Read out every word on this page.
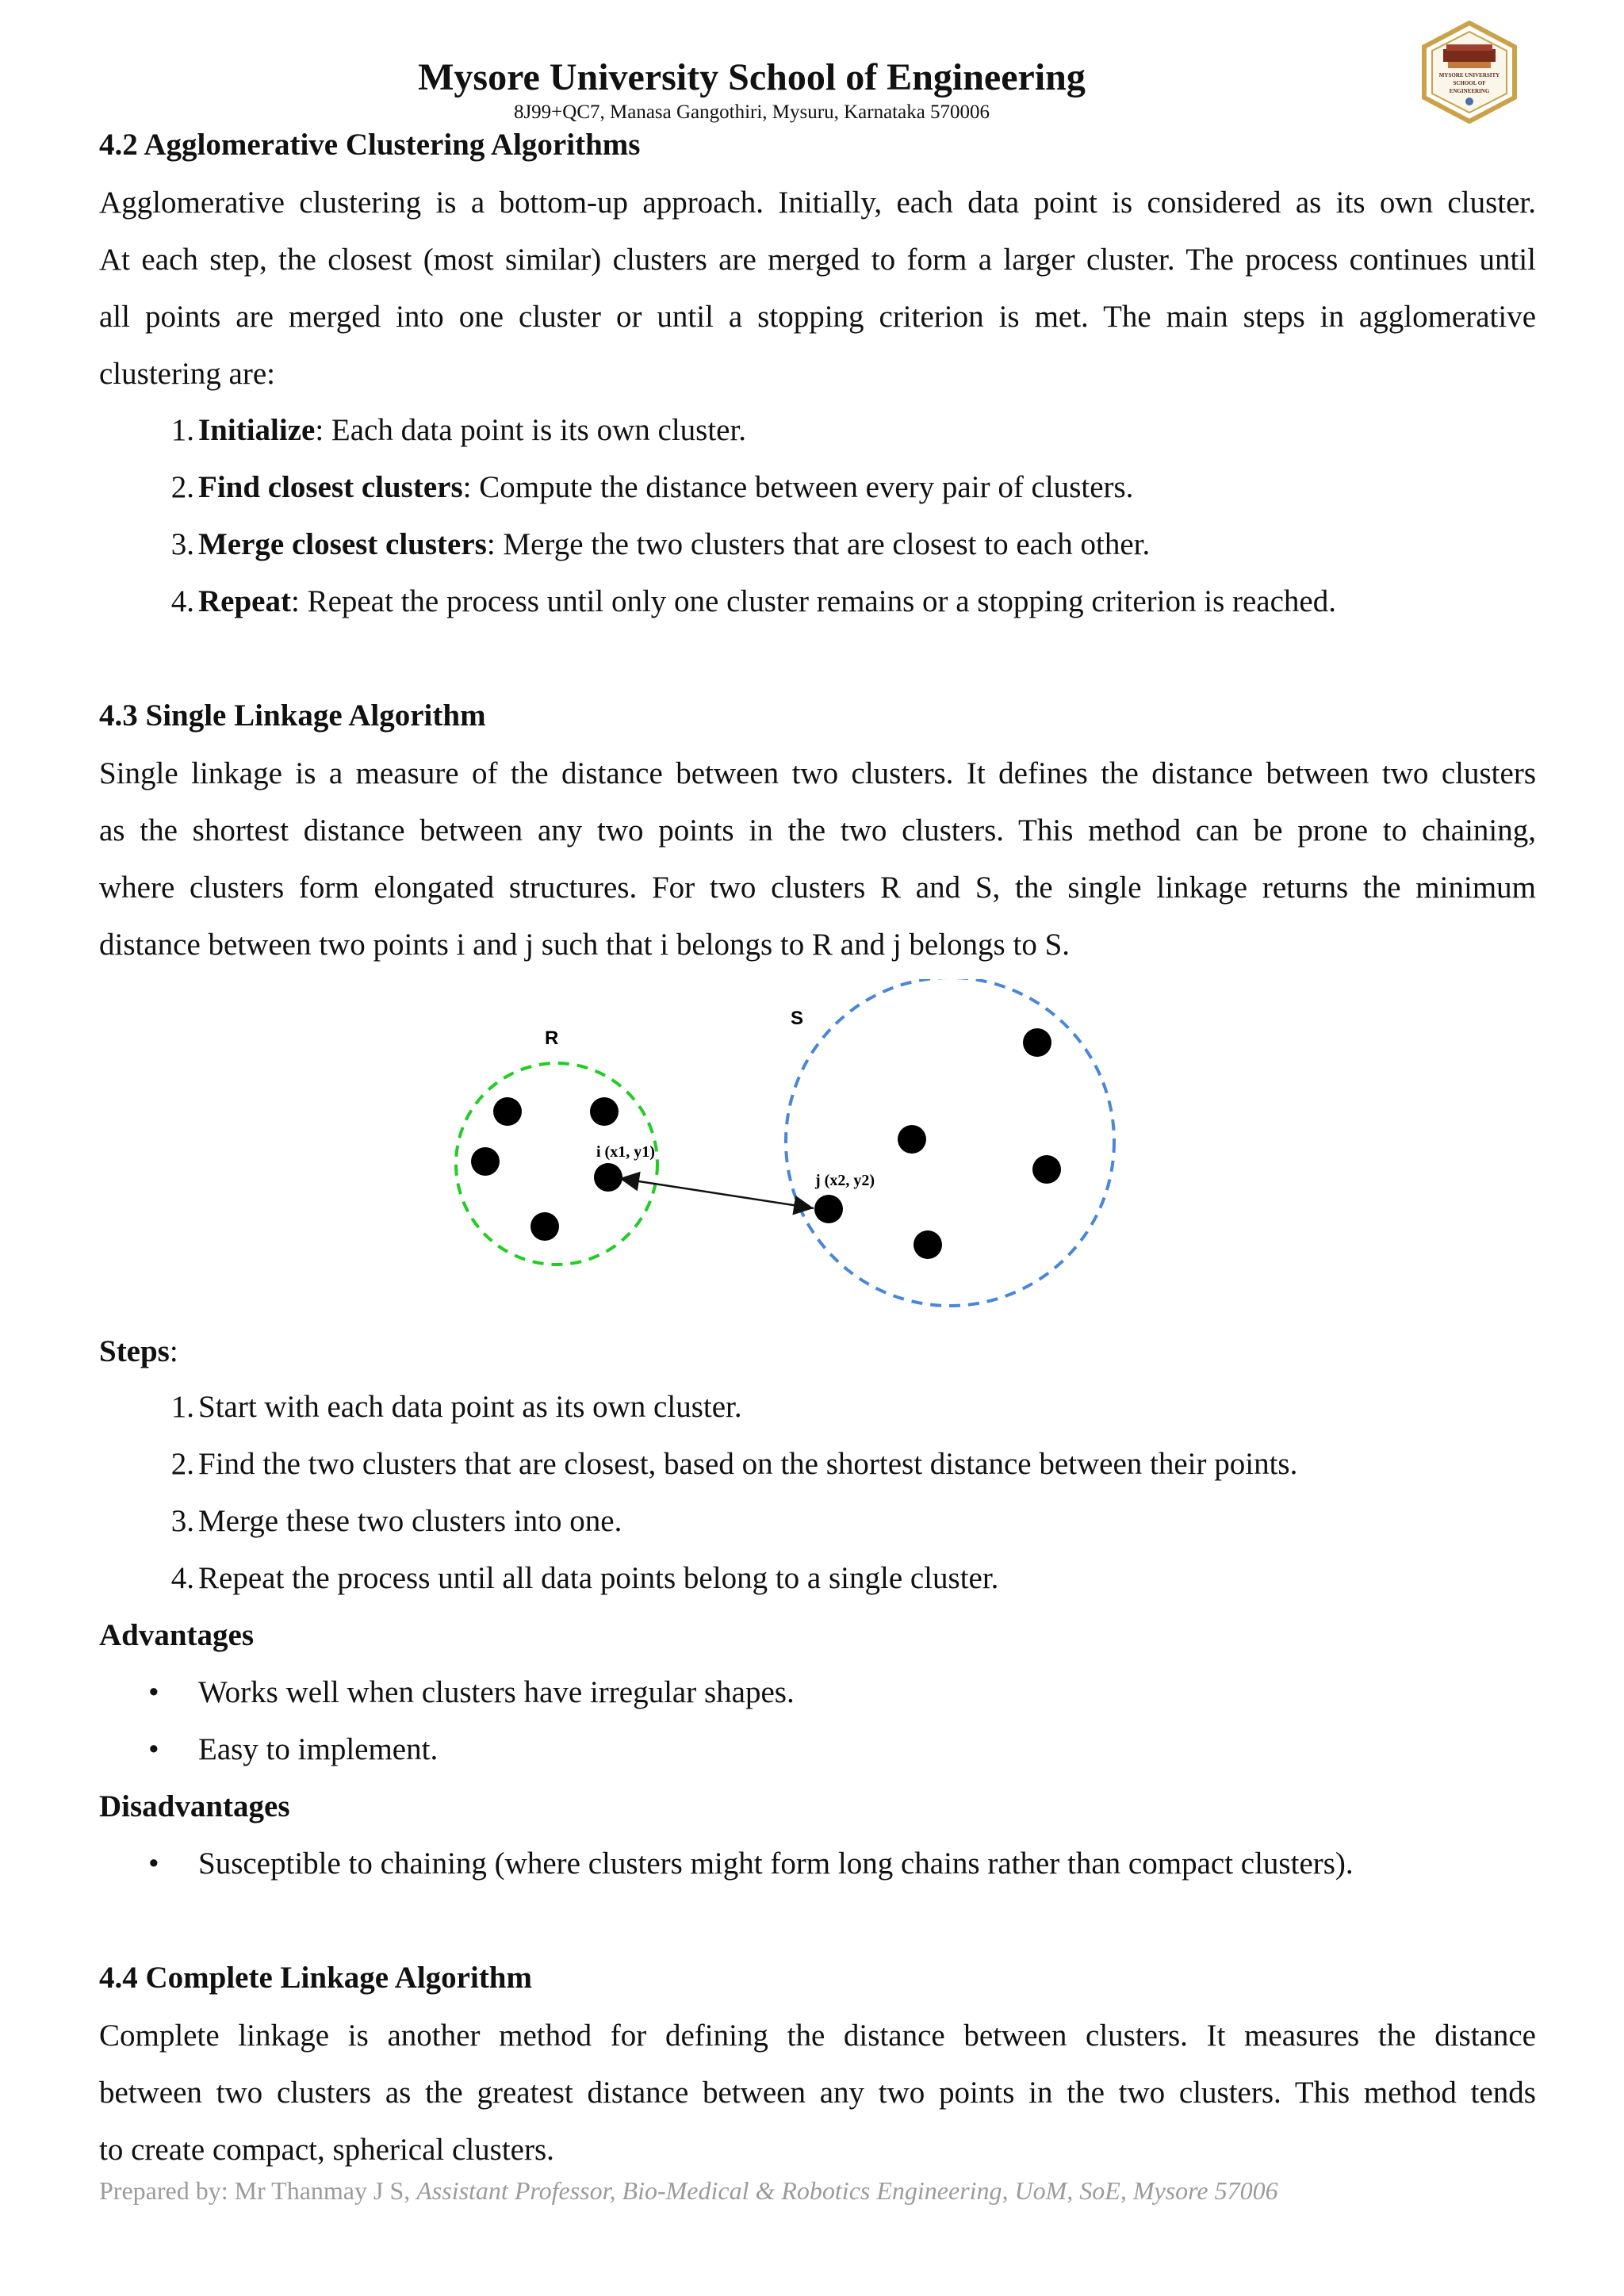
Mysore University School of Engineering
8J99+QC7, Manasa Gangothiri, Mysuru, Karnataka 570006
MYSORE UNIVERSITY
SCHOOL OF
ENGINEERING
4.2 Agglomerative Clustering Algorithms
Agglomerative clustering is a bottom-up approach. Initially, each data point is considered as its own cluster.
At each step, the closest (most similar) clusters are merged to form a larger cluster. The process continues until
all points are merged into one cluster or until a stopping criterion is met. The main steps in agglomerative
clustering are:
1. Initialize: Each data point is its own cluster.
2. Find closest clusters: Compute the distance between every pair of clusters.
3. Merge closest clusters: Merge the two clusters that are closest to each other.
4. Repeat: Repeat the process until only one cluster remains or a stopping criterion is reached.
4.3 Single Linkage Algorithm
Single linkage is a measure of the distance between two clusters. It defines the distance between two clusters
as the shortest distance between any two points in the two clusters. This method can be prone to chaining,
where clusters form elongated structures. For two clusters R and S, the single linkage returns the minimum
distance between two points i and j such that i belongs to R and j belongs to S.
R
S
i (x1, y1)
j (x2, y2)
Steps:
1. Start with each data point as its own cluster.
2. Find the two clusters that are closest, based on the shortest distance between their points.
3. Merge these two clusters into one.
4. Repeat the process until all data points belong to a single cluster.
Advantages
• Works well when clusters have irregular shapes.
• Easy to implement.
Disadvantages
• Susceptible to chaining (where clusters might form long chains rather than compact clusters).
4.4 Complete Linkage Algorithm
Complete linkage is another method for defining the distance between clusters. It measures the distance
between two clusters as the greatest distance between any two points in the two clusters. This method tends
to create compact, spherical clusters.
Prepared by: Mr Thanmay J S, Assistant Professor, Bio-Medical & Robotics Engineering, UoM, SoE, Mysore 57006
